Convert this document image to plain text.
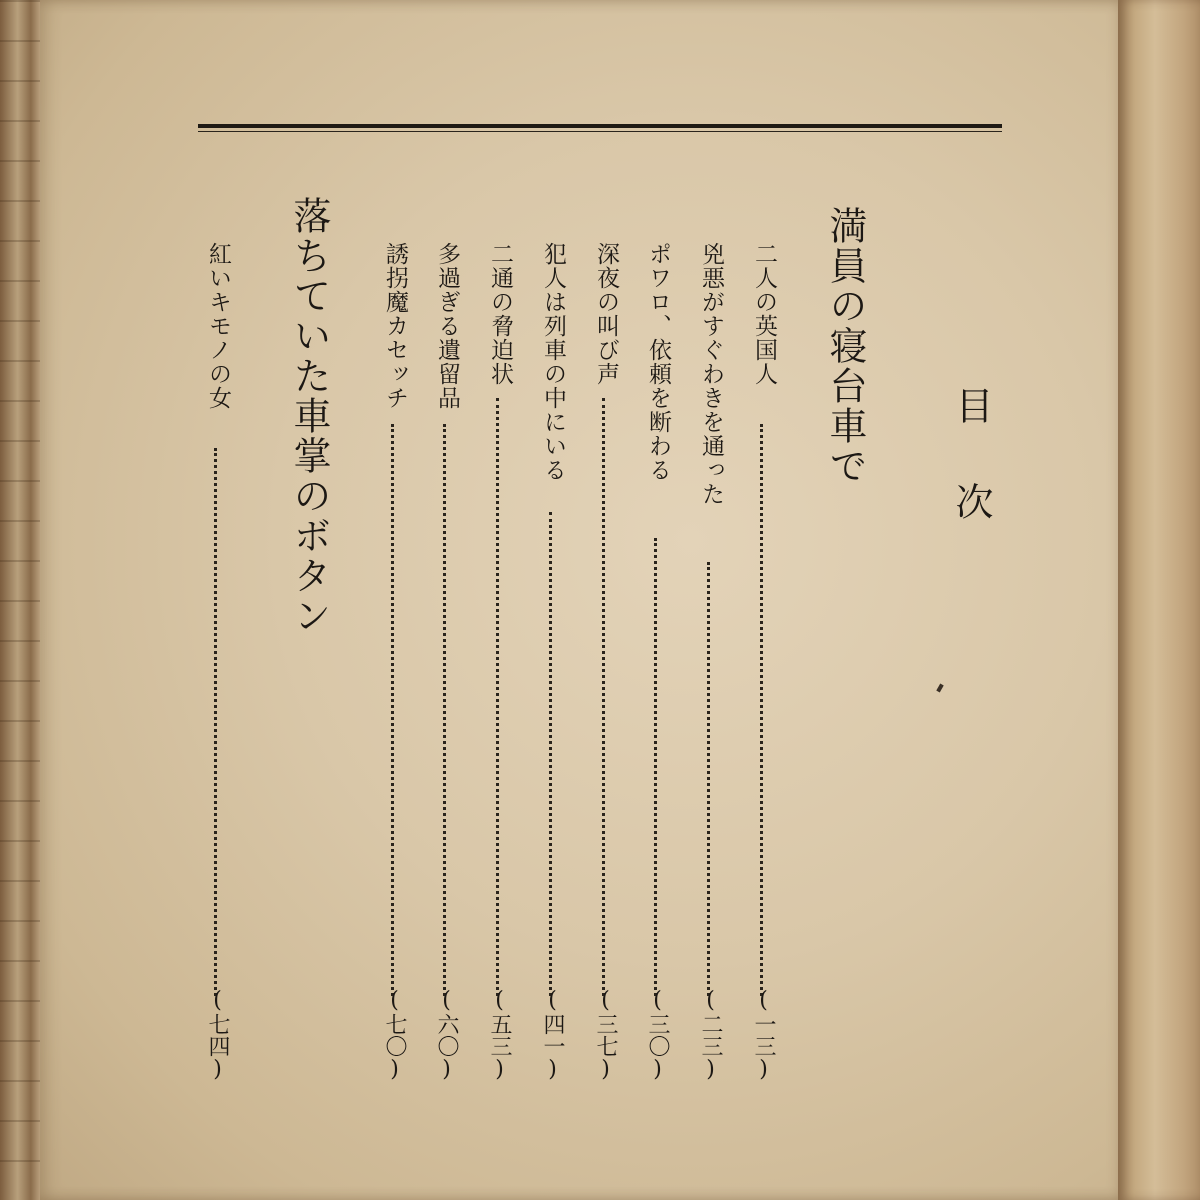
目次
満員の寝台車で
二人の英国人
(一三)
兇悪がすぐわきを通った
(二三)
ポワロ、依頼を断わる
(三〇)
深夜の叫び声
(三七)
犯人は列車の中にいる
(四一)
二通の脅迫状
(五三)
多過ぎる遺留品
(六〇)
誘拐魔カセッチ
(七〇)
落ちていた車掌のボタン
紅いキモノの女
(七四)
